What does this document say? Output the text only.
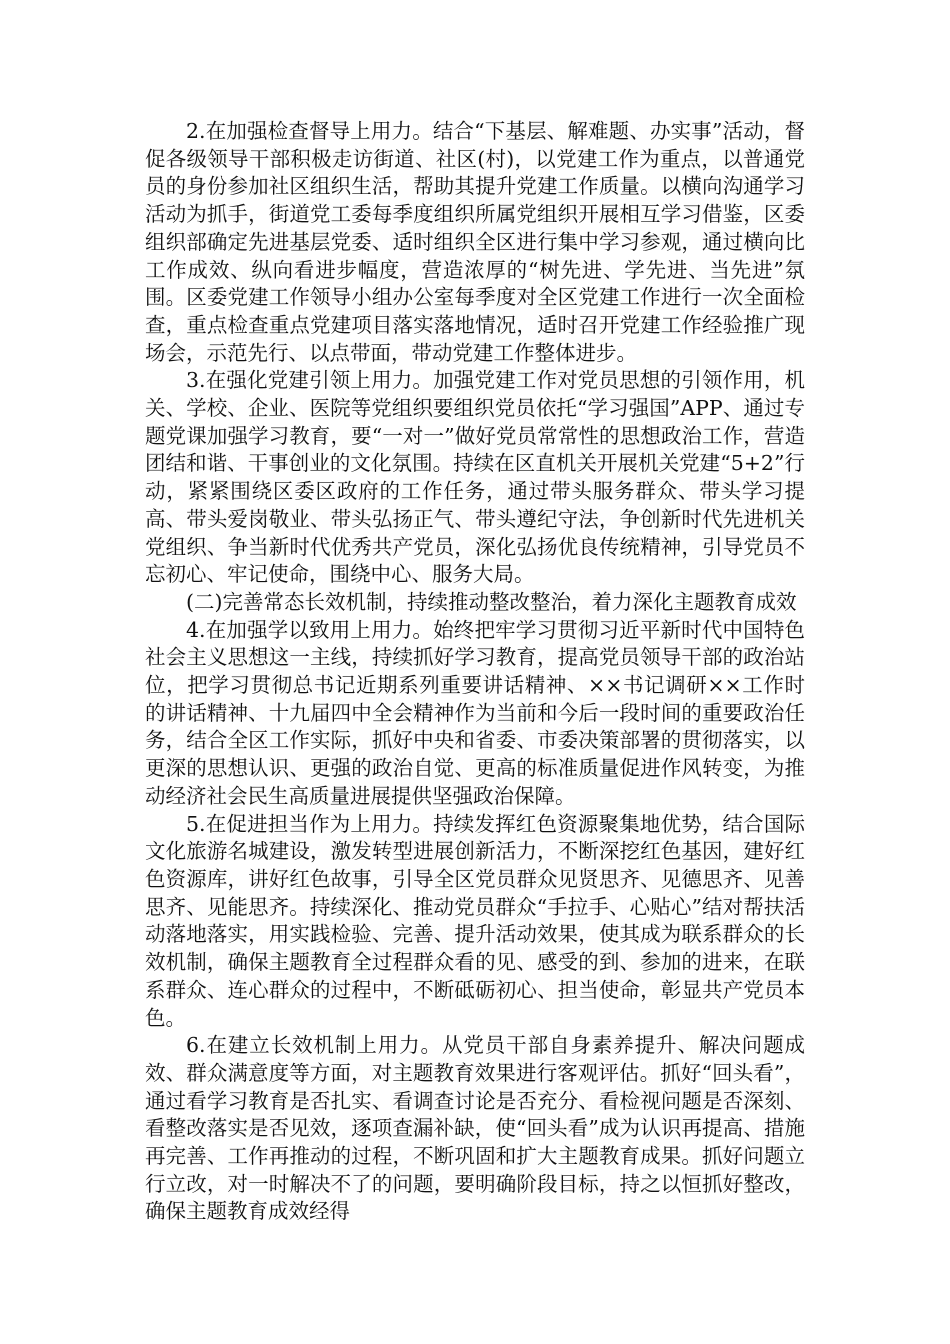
2.在加强检查督导上用力。结合“下基层、解难题、办实事”活动，督促各级领导干部积极走访街道、社区(村)，以党建工作为重点，以普通党员的身份参加社区组织生活，帮助其提升党建工作质量。以横向沟通学习活动为抓手，街道党工委每季度组织所属党组织开展相互学习借鉴，区委组织部确定先进基层党委、适时组织全区进行集中学习参观，通过横向比工作成效、纵向看进步幅度，营造浓厚的“树先进、学先进、当先进”氛围。区委党建工作领导小组办公室每季度对全区党建工作进行一次全面检查，重点检查重点党建项目落实落地情况，适时召开党建工作经验推广现场会，示范先行、以点带面，带动党建工作整体进步。

3.在强化党建引领上用力。加强党建工作对党员思想的引领作用，机关、学校、企业、医院等党组织要组织党员依托“学习强国”APP、通过专题党课加强学习教育，要“一对一”做好党员常常性的思想政治工作，营造团结和谐、干事创业的文化氛围。持续在区直机关开展机关党建“5+2”行动，紧紧围绕区委区政府的工作任务，通过带头服务群众、带头学习提高、带头爱岗敬业、带头弘扬正气、带头遵纪守法，争创新时代先进机关党组织、争当新时代优秀共产党员，深化弘扬优良传统精神，引导党员不忘初心、牢记使命，围绕中心、服务大局。

(二)完善常态长效机制，持续推动整改整治，着力深化主题教育成效

4.在加强学以致用上用力。始终把牢学习贯彻习近平新时代中国特色社会主义思想这一主线，持续抓好学习教育，提高党员领导干部的政治站位，把学习贯彻总书记近期系列重要讲话精神、××书记调研××工作时的讲话精神、十九届四中全会精神作为当前和今后一段时间的重要政治任务，结合全区工作实际，抓好中央和省委、市委决策部署的贯彻落实，以更深的思想认识、更强的政治自觉、更高的标准质量促进作风转变，为推动经济社会民生高质量进展提供坚强政治保障。

5.在促进担当作为上用力。持续发挥红色资源聚集地优势，结合国际文化旅游名城建设，激发转型进展创新活力，不断深挖红色基因，建好红色资源库，讲好红色故事，引导全区党员群众见贤思齐、见德思齐、见善思齐、见能思齐。持续深化、推动党员群众“手拉手、心贴心”结对帮扶活动落地落实，用实践检验、完善、提升活动效果，使其成为联系群众的长效机制，确保主题教育全过程群众看的见、感受的到、参加的进来，在联系群众、连心群众的过程中，不断砥砺初心、担当使命，彰显共产党员本色。

6.在建立长效机制上用力。从党员干部自身素养提升、解决问题成效、群众满意度等方面，对主题教育效果进行客观评估。抓好“回头看”，通过看学习教育是否扎实、看调查讨论是否充分、看检视问题是否深刻、看整改落实是否见效，逐项查漏补缺，使“回头看”成为认识再提高、措施再完善、工作再推动的过程，不断巩固和扩大主题教育成果。抓好问题立行立改，对一时解决不了的问题，要明确阶段目标，持之以恒抓好整改，确保主题教育成效经得
